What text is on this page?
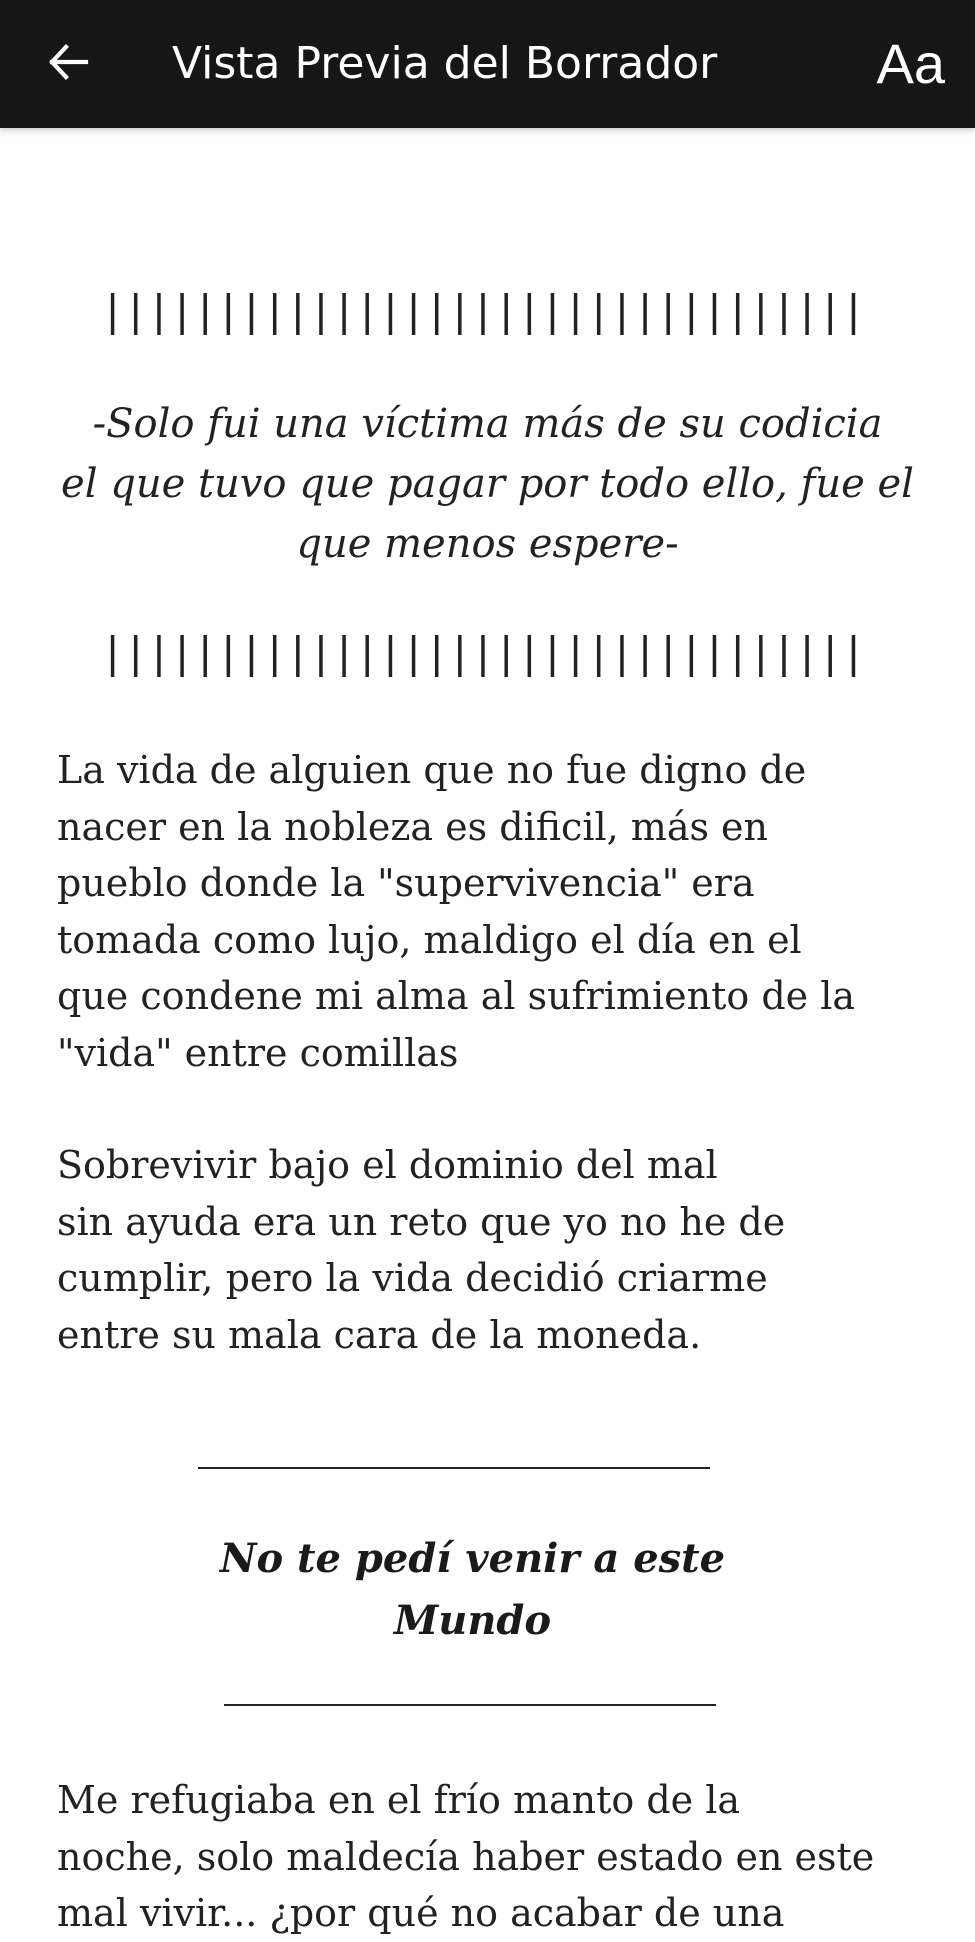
Vista Previa del Borrador	Aa
|||||||||||||||||||||||||||||||||
-Solo fui una víctima más de su codicia
el que tuvo que pagar por todo ello, fue el
que menos espere-
|||||||||||||||||||||||||||||||||
La vida de alguien que no fue digno de
nacer en la nobleza es dificil, más en
pueblo donde la "supervivencia" era
tomada como lujo, maldigo el día en el
que condene mi alma al sufrimiento de la
"vida" entre comillas
Sobrevivir bajo el dominio del mal
sin ayuda era un reto que yo no he de
cumplir, pero la vida decidió criarme
entre su mala cara de la moneda.
No te pedí venir a este
Mundo
Me refugiaba en el frío manto de la
noche, solo maldecía haber estado en este
mal vivir... ¿por qué no acabar de una
